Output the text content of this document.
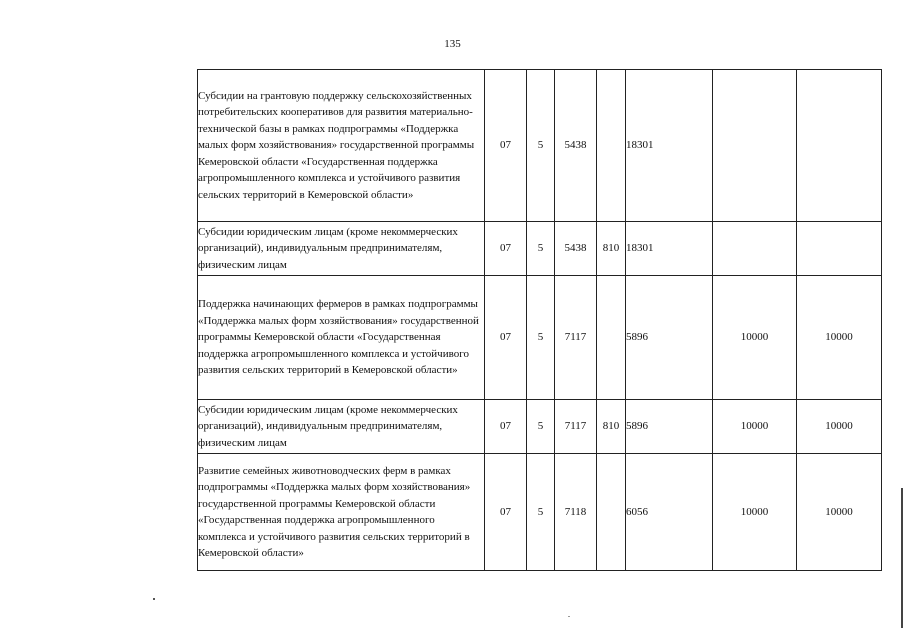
135
Субсидии на грантовую поддержку сельскохозяйственных потребительских кооперативов для развития материально-технической базы в рамках подпрограммы «Поддержка малых форм хозяйствования» государственной программы Кемеровской области «Государственная поддержка агропромышленного комплекса и устойчивого развития сельских территорий в Кемеровской области»	07	5	5438		18301		
Субсидии юридическим лицам (кроме некоммерческих организаций), индивидуальным предпринимателям, физическим лицам	07	5	5438	810	18301		
Поддержка начинающих фермеров в рамках подпрограммы «Поддержка малых форм хозяйствования» государственной программы Кемеровской области «Государственная поддержка агропромышленного комплекса и устойчивого развития сельских территорий в Кемеровской области»	07	5	7117		5896	10000	10000
Субсидии юридическим лицам (кроме некоммерческих организаций), индивидуальным предпринимателям, физическим лицам	07	5	7117	810	5896	10000	10000
Развитие семейных животноводческих ферм в рамках подпрограммы «Поддержка малых форм хозяйствования» государственной программы Кемеровской области «Государственная поддержка агропромышленного комплекса и устойчивого развития сельских территорий в Кемеровской области»	07	5	7118		6056	10000	10000
